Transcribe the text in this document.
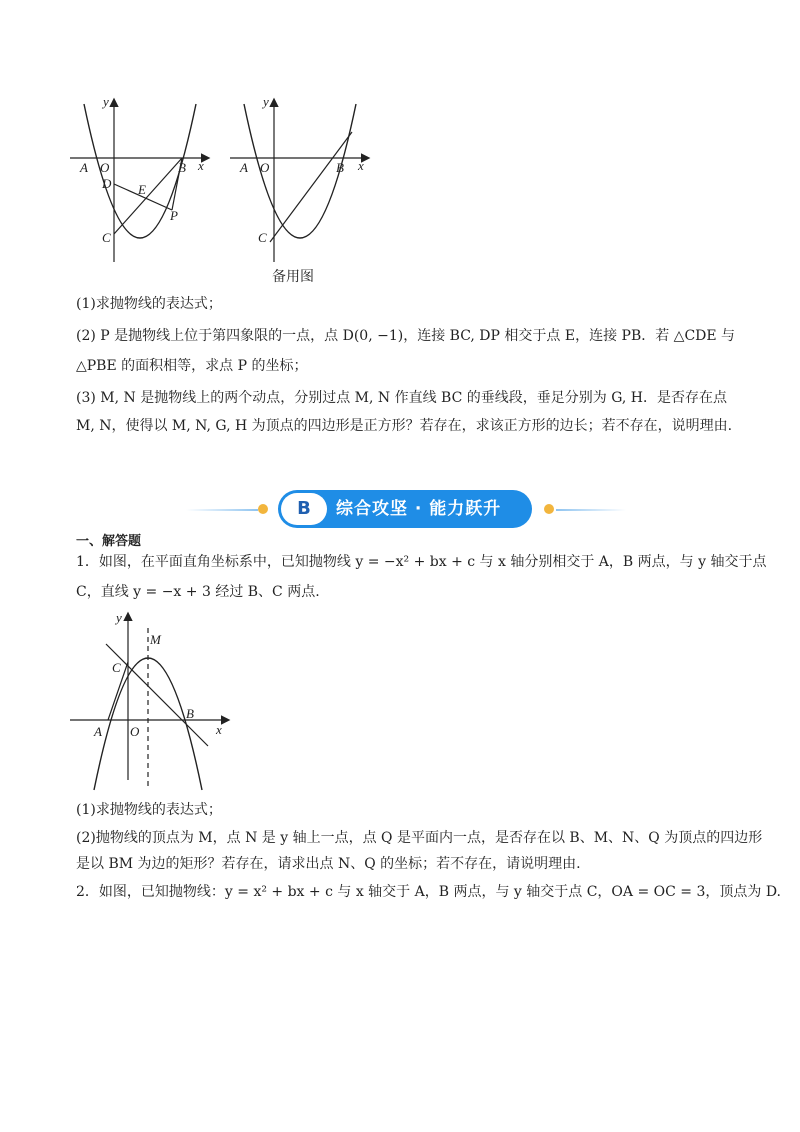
y
x
A O	B
D E
P
C
y
x
A O	B
C
备用图
(1)求抛物线的表达式；
(2) P 是抛物线上位于第四象限的一点，点 D(0, −1)，连接 BC, DP 相交于点 E，连接 PB．若 △CDE 与
△PBE 的面积相等，求点 P 的坐标；
(3) M, N 是抛物线上的两个动点，分别过点 M, N 作直线 BC 的垂线段，垂足分别为 G, H．是否存在点
M, N，使得以 M, N, G, H 为顶点的四边形是正方形？若存在，求该正方形的边长；若不存在，说明理由.
B	综合攻坚 · 能力跃升
一、解答题
1．如图，在平面直角坐标系中，已知抛物线 y = −x² + bx + c 与 x 轴分别相交于 A，B 两点，与 y 轴交于点
C，直线 y = −x + 3 经过 B、C 两点.
y
x
M
C
B
A O
(1)求抛物线的表达式；
(2)抛物线的顶点为 M，点 N 是 y 轴上一点，点 Q 是平面内一点，是否存在以 B、M、N、Q 为顶点的四边形
是以 BM 为边的矩形？若存在，请求出点 N、Q 的坐标；若不存在，请说明理由.
2．如图，已知抛物线：y = x² + bx + c 与 x 轴交于 A，B 两点，与 y 轴交于点 C，OA = OC = 3，顶点为 D.
